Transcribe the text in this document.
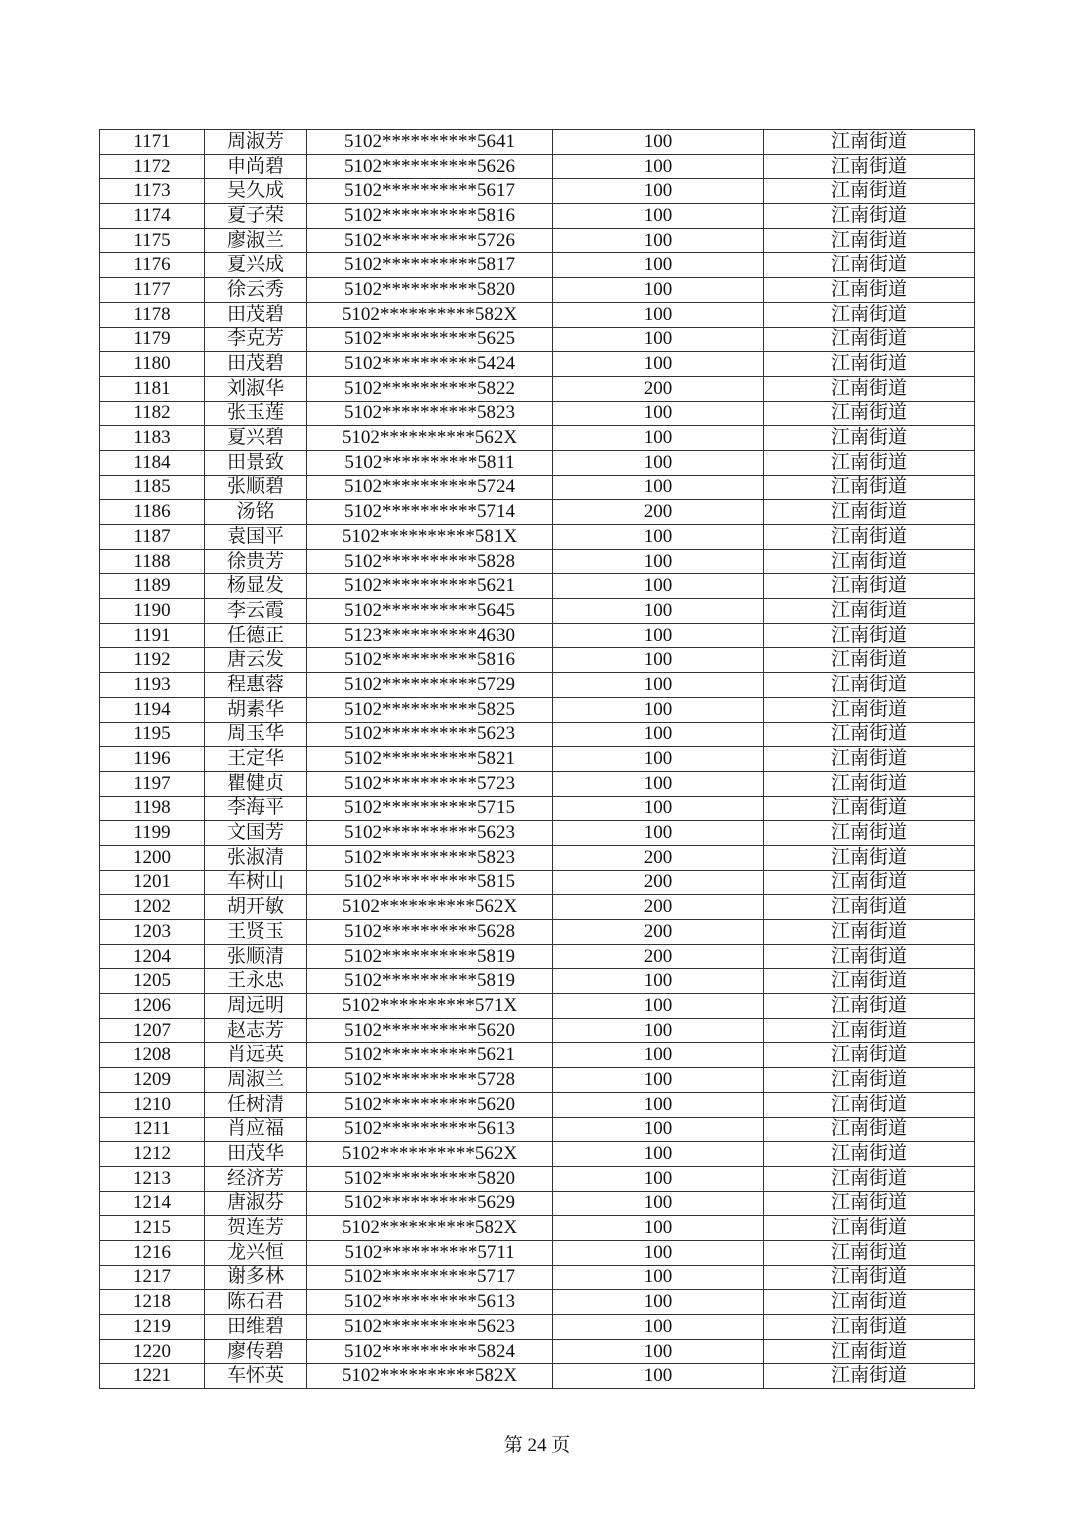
1171	周淑芳	5102**********5641	100	江南街道
1172	申尚碧	5102**********5626	100	江南街道
1173	吴久成	5102**********5617	100	江南街道
1174	夏子荣	5102**********5816	100	江南街道
1175	廖淑兰	5102**********5726	100	江南街道
1176	夏兴成	5102**********5817	100	江南街道
1177	徐云秀	5102**********5820	100	江南街道
1178	田茂碧	5102**********582X	100	江南街道
1179	李克芳	5102**********5625	100	江南街道
1180	田茂碧	5102**********5424	100	江南街道
1181	刘淑华	5102**********5822	200	江南街道
1182	张玉莲	5102**********5823	100	江南街道
1183	夏兴碧	5102**********562X	100	江南街道
1184	田景致	5102**********5811	100	江南街道
1185	张顺碧	5102**********5724	100	江南街道
1186	汤铭	5102**********5714	200	江南街道
1187	袁国平	5102**********581X	100	江南街道
1188	徐贵芳	5102**********5828	100	江南街道
1189	杨显发	5102**********5621	100	江南街道
1190	李云霞	5102**********5645	100	江南街道
1191	任德正	5123**********4630	100	江南街道
1192	唐云发	5102**********5816	100	江南街道
1193	程惠蓉	5102**********5729	100	江南街道
1194	胡素华	5102**********5825	100	江南街道
1195	周玉华	5102**********5623	100	江南街道
1196	王定华	5102**********5821	100	江南街道
1197	瞿健贞	5102**********5723	100	江南街道
1198	李海平	5102**********5715	100	江南街道
1199	文国芳	5102**********5623	100	江南街道
1200	张淑清	5102**********5823	200	江南街道
1201	车树山	5102**********5815	200	江南街道
1202	胡开敏	5102**********562X	200	江南街道
1203	王贤玉	5102**********5628	200	江南街道
1204	张顺清	5102**********5819	200	江南街道
1205	王永忠	5102**********5819	100	江南街道
1206	周远明	5102**********571X	100	江南街道
1207	赵志芳	5102**********5620	100	江南街道
1208	肖远英	5102**********5621	100	江南街道
1209	周淑兰	5102**********5728	100	江南街道
1210	任树清	5102**********5620	100	江南街道
1211	肖应福	5102**********5613	100	江南街道
1212	田茂华	5102**********562X	100	江南街道
1213	经济芳	5102**********5820	100	江南街道
1214	唐淑芬	5102**********5629	100	江南街道
1215	贺连芳	5102**********582X	100	江南街道
1216	龙兴恒	5102**********5711	100	江南街道
1217	谢多林	5102**********5717	100	江南街道
1218	陈石君	5102**********5613	100	江南街道
1219	田维碧	5102**********5623	100	江南街道
1220	廖传碧	5102**********5824	100	江南街道
1221	车怀英	5102**********582X	100	江南街道
第 24 页
